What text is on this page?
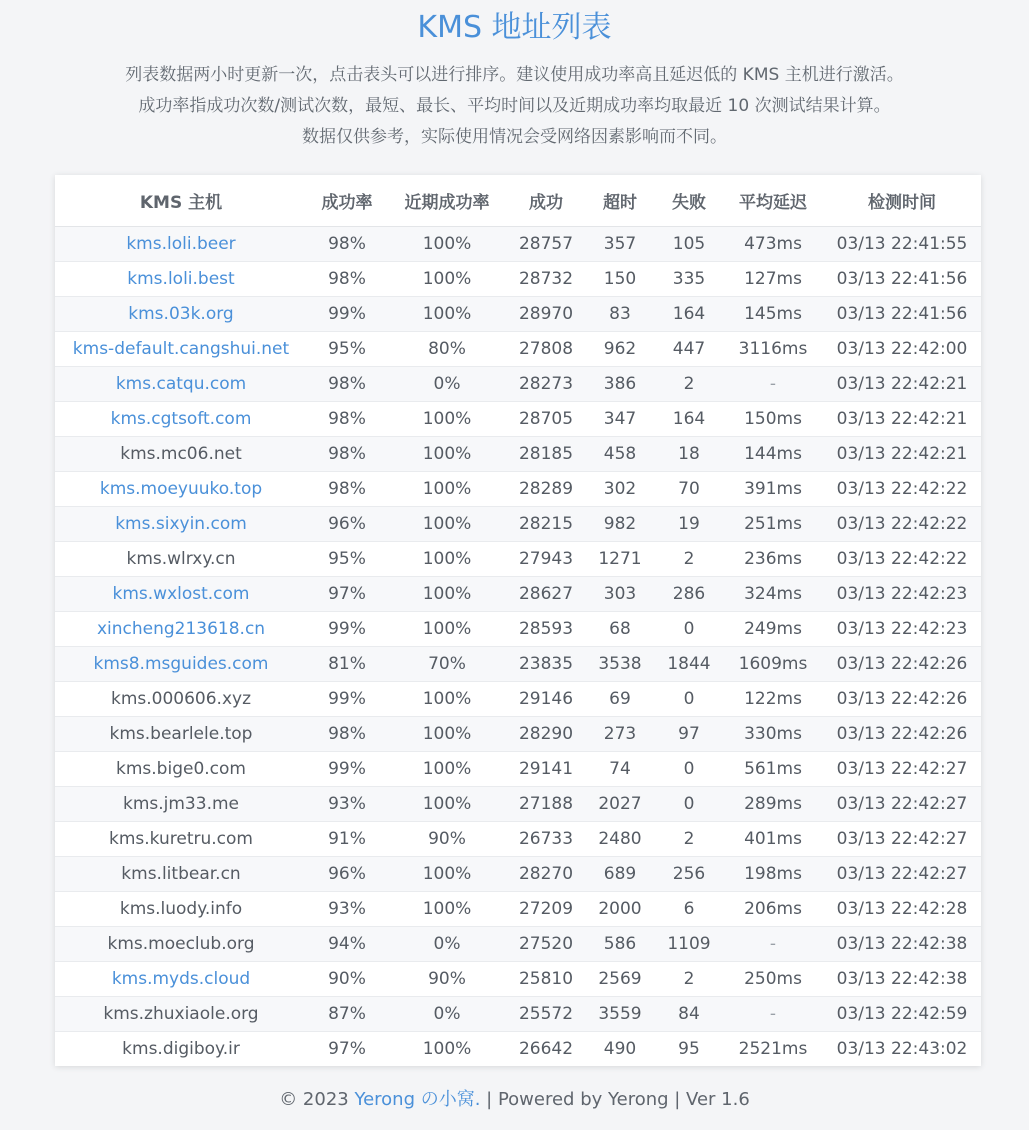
KMS 地址列表
列表数据两小时更新一次，点击表头可以进行排序。建议使用成功率高且延迟低的 KMS 主机进行激活。
成功率指成功次数/测试次数，最短、最长、平均时间以及近期成功率均取最近 10 次测试结果计算。
数据仅供参考，实际使用情况会受网络因素影响而不同。
KMS 主机	成功率	近期成功率	成功	超时	失败	平均延迟	检测时间
kms.loli.beer	98%	100%	28757	357	105	473ms	03/13 22:41:55
kms.loli.best	98%	100%	28732	150	335	127ms	03/13 22:41:56
kms.03k.org	99%	100%	28970	83	164	145ms	03/13 22:41:56
kms-default.cangshui.net	95%	80%	27808	962	447	3116ms	03/13 22:42:00
kms.catqu.com	98%	0%	28273	386	2	-	03/13 22:42:21
kms.cgtsoft.com	98%	100%	28705	347	164	150ms	03/13 22:42:21
kms.mc06.net	98%	100%	28185	458	18	144ms	03/13 22:42:21
kms.moeyuuko.top	98%	100%	28289	302	70	391ms	03/13 22:42:22
kms.sixyin.com	96%	100%	28215	982	19	251ms	03/13 22:42:22
kms.wlrxy.cn	95%	100%	27943	1271	2	236ms	03/13 22:42:22
kms.wxlost.com	97%	100%	28627	303	286	324ms	03/13 22:42:23
xincheng213618.cn	99%	100%	28593	68	0	249ms	03/13 22:42:23
kms8.msguides.com	81%	70%	23835	3538	1844	1609ms	03/13 22:42:26
kms.000606.xyz	99%	100%	29146	69	0	122ms	03/13 22:42:26
kms.bearlele.top	98%	100%	28290	273	97	330ms	03/13 22:42:26
kms.bige0.com	99%	100%	29141	74	0	561ms	03/13 22:42:27
kms.jm33.me	93%	100%	27188	2027	0	289ms	03/13 22:42:27
kms.kuretru.com	91%	90%	26733	2480	2	401ms	03/13 22:42:27
kms.litbear.cn	96%	100%	28270	689	256	198ms	03/13 22:42:27
kms.luody.info	93%	100%	27209	2000	6	206ms	03/13 22:42:28
kms.moeclub.org	94%	0%	27520	586	1109	-	03/13 22:42:38
kms.myds.cloud	90%	90%	25810	2569	2	250ms	03/13 22:42:38
kms.zhuxiaole.org	87%	0%	25572	3559	84	-	03/13 22:42:59
kms.digiboy.ir	97%	100%	26642	490	95	2521ms	03/13 22:43:02
© 2023 Yerong の小窝. | Powered by Yerong | Ver 1.6
